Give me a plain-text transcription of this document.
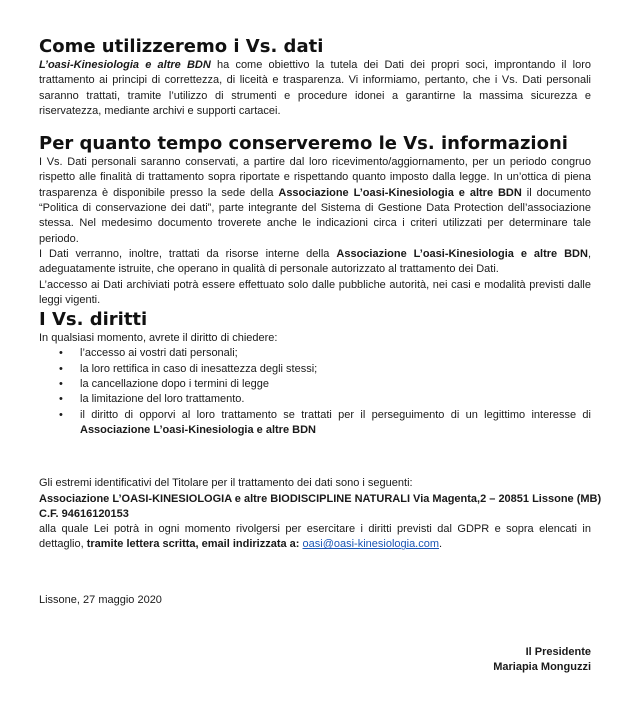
Come utilizzeremo i Vs. dati

L’oasi-Kinesiologia e altre BDN ha come obiettivo la tutela dei Dati dei propri soci, improntando il loro trattamento ai principi di correttezza, di liceità e trasparenza. Vi informiamo, pertanto, che i Vs. Dati personali saranno trattati, tramite l’utilizzo di strumenti e procedure idonei a garantirne la massima sicurezza e riservatezza, mediante archivi e supporti cartacei.

Per quanto tempo conserveremo le Vs. informazioni

I Vs. Dati personali saranno conservati, a partire dal loro ricevimento/aggiornamento, per un periodo congruo rispetto alle finalità di trattamento sopra riportate e rispettando quanto imposto dalla legge. In un’ottica di piena trasparenza è disponibile presso la sede della Associazione L’oasi-Kinesiologia e altre BDN il documento “Politica di conservazione dei dati”, parte integrante del Sistema di Gestione Data Protection dell’associazione stessa. Nel medesimo documento troverete anche le indicazioni circa i criteri utilizzati per determinare tale periodo.

I Dati verranno, inoltre, trattati da risorse interne della Associazione L’oasi-Kinesiologia e altre BDN, adeguatamente istruite, che operano in qualità di personale autorizzato al trattamento dei Dati.

L’accesso ai Dati archiviati potrà essere effettuato solo dalle pubbliche autorità, nei casi e modalità previsti dalle leggi vigenti.

I Vs. diritti

In qualsiasi momento, avrete il diritto di chiedere:

• l’accesso ai vostri dati personali;
• la loro rettifica in caso di inesattezza degli stessi;
• la cancellazione dopo i termini di legge
• la limitazione del loro trattamento.
• il diritto di opporvi al loro trattamento se trattati per il perseguimento di un legittimo interesse di Associazione L’oasi-Kinesiologia e altre BDN

Gli estremi identificativi del Titolare per il trattamento dei dati sono i seguenti:

Associazione L’OASI-KINESIOLOGIA e altre BIODISCIPLINE NATURALI Via Magenta,2 – 20851 Lissone (MB)

C.F. 94616120153

alla quale Lei potrà in ogni momento rivolgersi per esercitare i diritti previsti dal GDPR e sopra elencati in dettaglio, tramite lettera scritta, email indirizzata a: oasi@oasi-kinesiologia.com.

Lissone, 27 maggio 2020

Il Presidente
Mariapia Monguzzi
